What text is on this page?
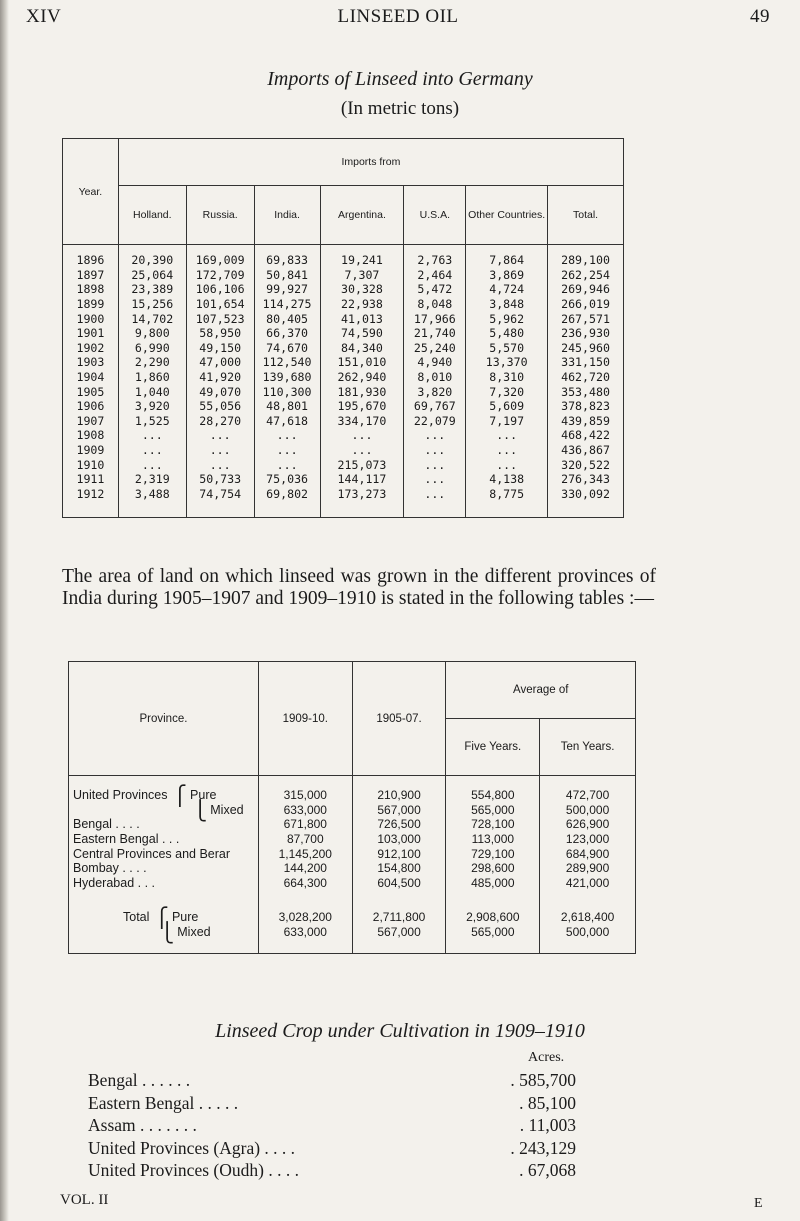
XIV	LINSEED OIL	49
Imports of Linseed into Germany
(In metric tons)
Year.	Imports from						
	Holland.	Russia.	India.	Argentina.	U.S.A.	Other Countries.	Total.
1896	20,390	169,009	69,833	19,241	2,763	7,864	289,100
1897	25,064	172,709	50,841	7,307	2,464	3,869	262,254
1898	23,389	106,106	99,927	30,328	5,472	4,724	269,946
1899	15,256	101,654	114,275	22,938	8,048	3,848	266,019
1900	14,702	107,523	80,405	41,013	17,966	5,962	267,571
1901	9,800	58,950	66,370	74,590	21,740	5,480	236,930
1902	6,990	49,150	74,670	84,340	25,240	5,570	245,960
1903	2,290	47,000	112,540	151,010	4,940	13,370	331,150
1904	1,860	41,920	139,680	262,940	8,010	8,310	462,720
1905	1,040	49,070	110,300	181,930	3,820	7,320	353,480
1906	3,920	55,056	48,801	195,670	69,767	5,609	378,823
1907	1,525	28,270	47,618	334,170	22,079	7,197	439,859
1908	...	...	...	...	...	...	468,422
1909	...	...	...	...	...	...	436,867
1910	...	...	...	215,073	...	...	320,522
1911	2,319	50,733	75,036	144,117	...	4,138	276,343
1912	3,488	74,754	69,802	173,273	...	8,775	330,092
The area of land on which linseed was grown in the different provinces of India during 1905–1907 and 1909–1910 is stated in the following tables :—
Province.	1909-10.	1905-07.	Average of	
			Five Years.	Ten Years.
United Provinces ⎧ Pure	315,000	210,900	554,800	472,700
⎩ Mixed	633,000	567,000	565,000	500,000
Bengal . . . .	671,800	726,500	728,100	626,900
Eastern Bengal . . .	87,700	103,000	113,000	123,000
Central Provinces and Berar	1,145,200	912,100	729,100	684,900
Bombay . . . .	144,200	154,800	298,600	289,900
Hyderabad . . .	664,300	604,500	485,000	421,000

Total ⎧ Pure	3,028,200	2,711,800	2,908,600	2,618,400
⎩ Mixed	633,000	567,000	565,000	500,000
Linseed Crop under Cultivation in 1909–1910
Acres.
Bengal . . . . . .	. 585,700
Eastern Bengal . . . . .	. 85,100
Assam . . . . . . .	. 11,003
United Provinces (Agra) . . . .	. 243,129
United Provinces (Oudh) . . . .	. 67,068
VOL. II	E
